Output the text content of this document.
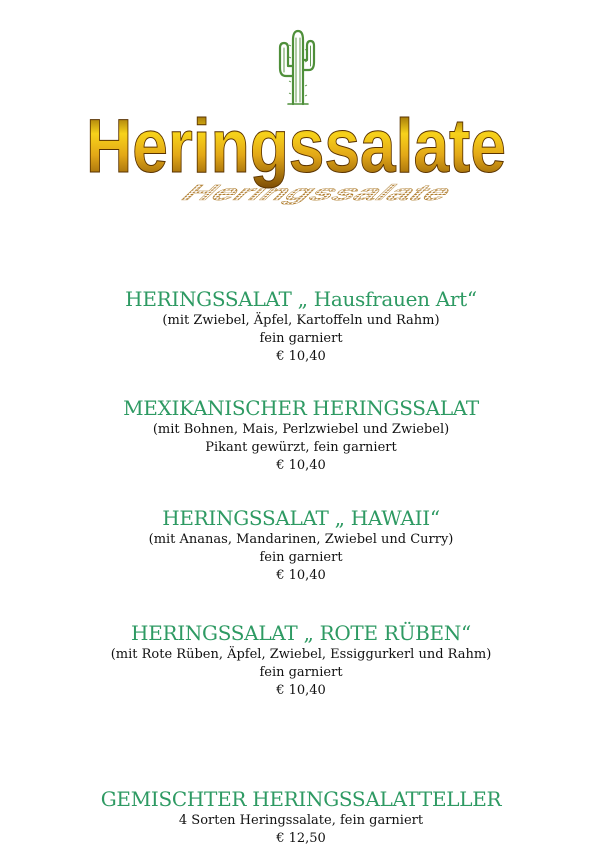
Heringssalate
Heringssalate
HERINGSSALAT „ Hausfrauen Art“
(mit Zwiebel, Äpfel, Kartoffeln und Rahm)
fein garniert
€ 10,40
MEXIKANISCHER HERINGSSALAT
(mit Bohnen, Mais, Perlzwiebel und Zwiebel)
Pikant gewürzt, fein garniert
€ 10,40
HERINGSSALAT „ HAWAII“
(mit Ananas, Mandarinen, Zwiebel und Curry)
fein garniert
€ 10,40
HERINGSSALAT „ ROTE RÜBEN“
(mit Rote Rüben, Äpfel, Zwiebel, Essiggurkerl und Rahm)
fein garniert
€ 10,40
GEMISCHTER HERINGSSALATTELLER
4 Sorten Heringssalate, fein garniert
€ 12,50
